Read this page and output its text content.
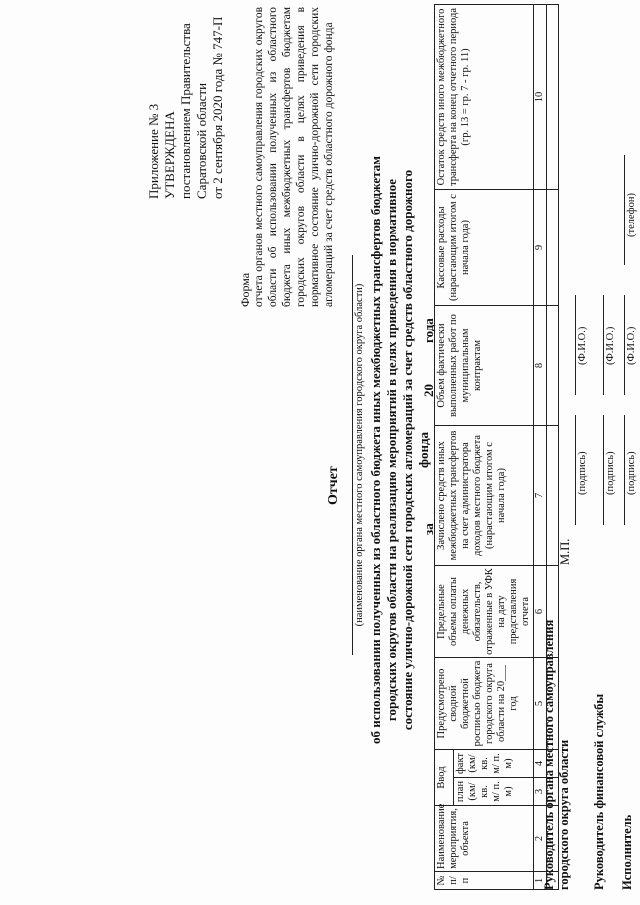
Приложение № 3 УТВЕРЖДЕНА постановлением Правительства Саратовской области от 2 сентября 2020 года № 747-П
Форма отчета органов местного самоуправления городских округов области об использовании полученных из областного бюджета иных межбюджетных трансфертов бюджетам городских округов области в целях приведения в нормативное состояние улично-дорожной сети городских агломераций за счет средств областного дорожного фонда
Отчет (наименование органа местного самоуправления городского округа области) об использовании полученных из областного бюджета иных межбюджетных трансфертов бюджетам городских округов области на реализацию мероприятий в целях приведения в нормативное состояние улично-дорожной сети городских агломераций за счет средств областного дорожного фонда
за
20
года
№ п/п	Наименование мероприятия, объекта	Ввод		Предусмотрено сводной бюджетной росписью бюджета городского округа области на 20___ год	Предельные объемы оплаты денежных обязательств, отраженные в УФК на дату представления отчета	Зачислено средств иных межбюджетных трансфертов на счет администратора доходов местного бюджета (нарастающим итогом с начала года)	Объем фактически выполненных работ по муниципальным контрактам	Кассовые расходы (нарастающим итогом с начала года)	Остаток средств иного межбюджетного трансферта на конец отчетного периода (гр. 13 = гр. 7 - гр. 11)
		план (км/ кв. м/ п. м)	факт (км/ кв. м/ п. м)						
1	2	3	4	5	6	7	8	9	10

Руководитель органа местного самоуправления городского округа области
М.П.
(подпись)
(Ф.И.О.)
Руководитель финансовой службы
(подпись)
(Ф.И.О.)
Исполнитель
(подпись)
(Ф.И.О.)
(телефон)
